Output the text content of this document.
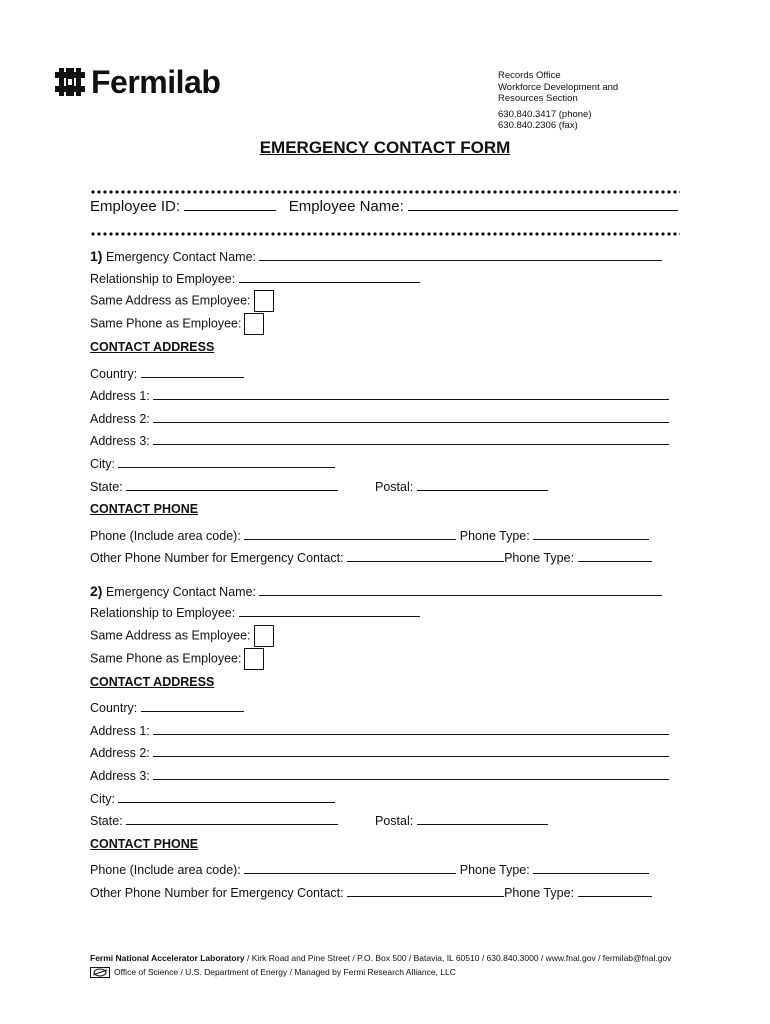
Fermilab	Records Office
Workforce Development and
Resources Section
630.840.3417 (phone)
630.840.2306 (fax)
EMERGENCY CONTACT FORM
Employee ID:	Employee Name:
1) Emergency Contact Name:
Relationship to Employee:
Same Address as Employee:
Same Phone as Employee:
CONTACT ADDRESS
Country:
Address 1:
Address 2:
Address 3:
City:
State:	Postal:
CONTACT PHONE
Phone (Include area code):	Phone Type:
Other Phone Number for Emergency Contact:	Phone Type:
2) Emergency Contact Name:
Relationship to Employee:
Same Address as Employee:
Same Phone as Employee:
CONTACT ADDRESS
Country:
Address 1:
Address 2:
Address 3:
City:
State:	Postal:
CONTACT PHONE
Phone (Include area code):	Phone Type:
Other Phone Number for Emergency Contact:	Phone Type:
Fermi National Accelerator Laboratory / Kirk Road and Pine Street / P.O. Box 500 / Batavia, IL 60510 / 630.840.3000 / www.fnal.gov / fermilab@fnal.gov
Office of Science / U.S. Department of Energy / Managed by Fermi Research Alliance, LLC
